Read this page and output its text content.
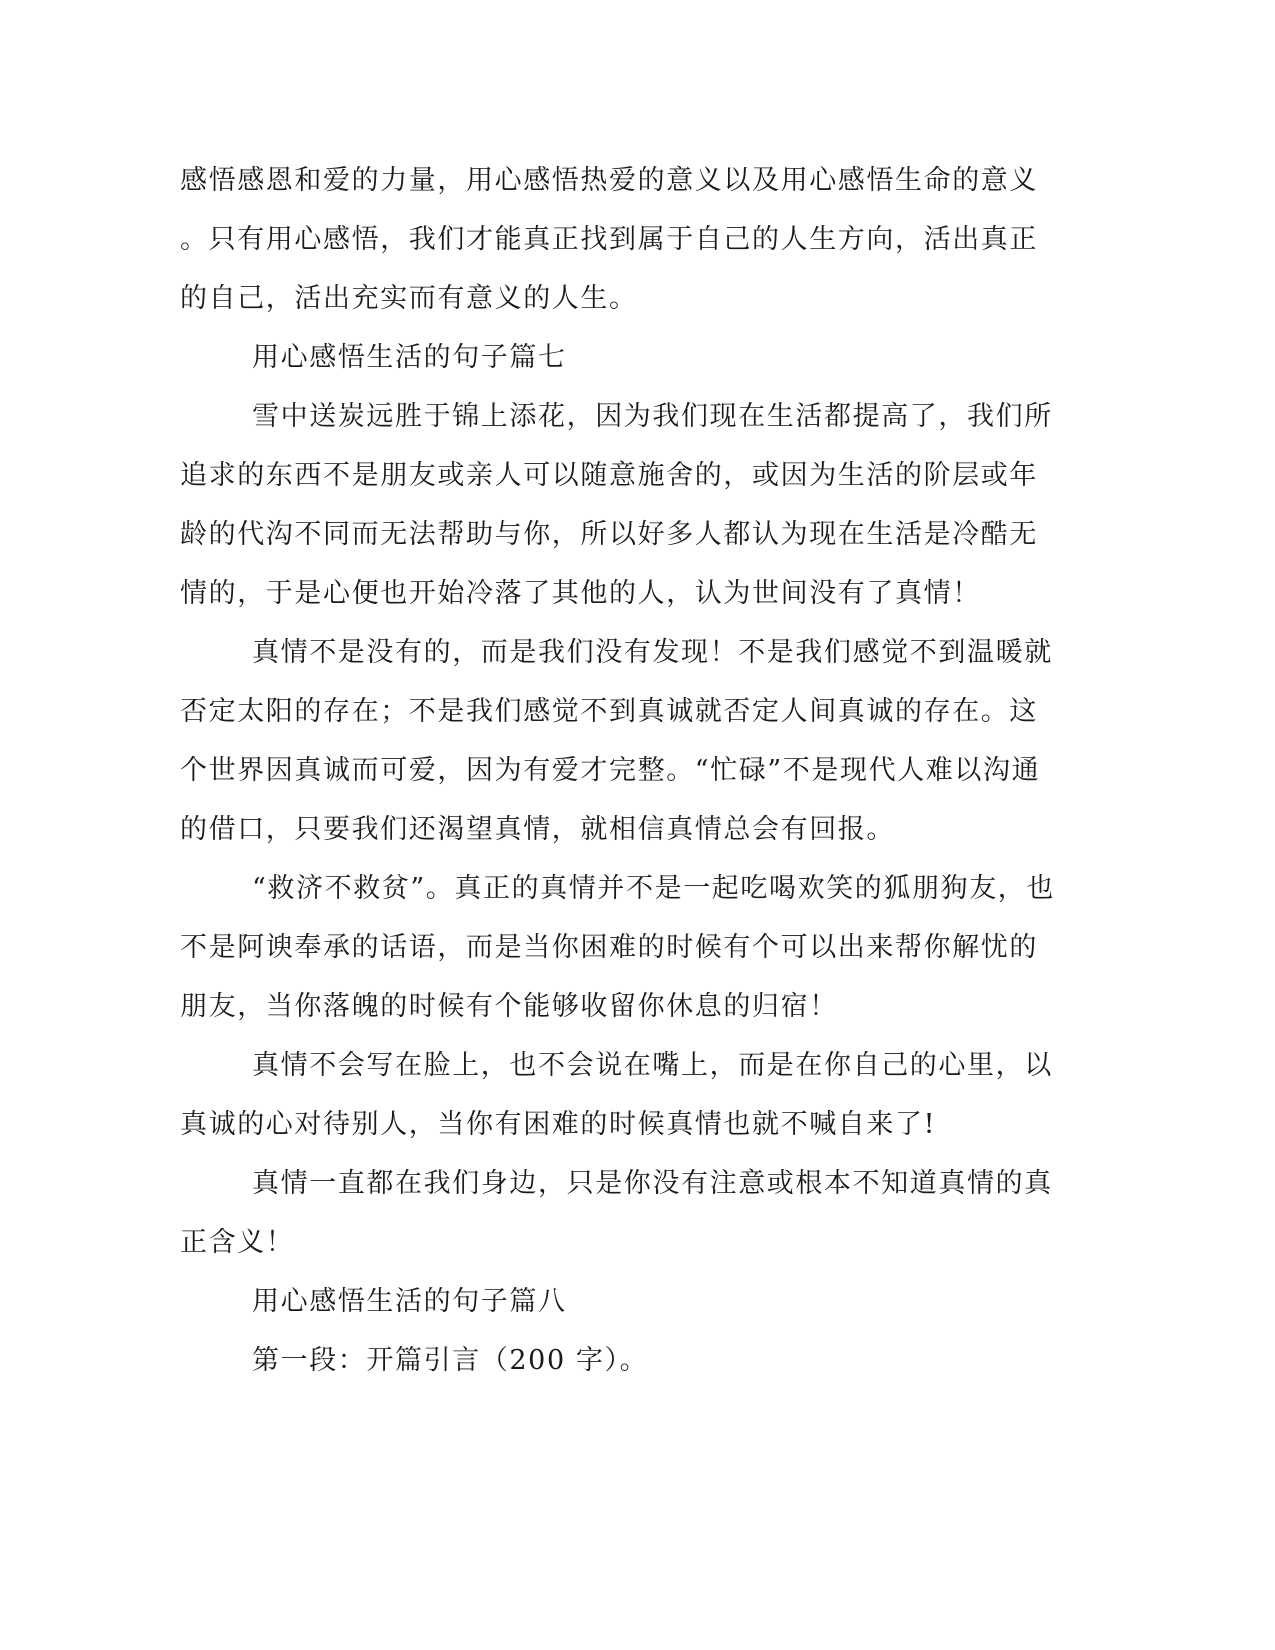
感悟感恩和爱的力量，用心感悟热爱的意义以及用心感悟生命的意义
。只有用心感悟，我们才能真正找到属于自己的人生方向，活出真正
的自己，活出充实而有意义的人生。
用心感悟生活的句子篇七
雪中送炭远胜于锦上添花，因为我们现在生活都提高了，我们所
追求的东西不是朋友或亲人可以随意施舍的，或因为生活的阶层或年
龄的代沟不同而无法帮助与你，所以好多人都认为现在生活是冷酷无
情的，于是心便也开始冷落了其他的人，认为世间没有了真情！
真情不是没有的，而是我们没有发现！不是我们感觉不到温暖就
否定太阳的存在；不是我们感觉不到真诚就否定人间真诚的存在。这
个世界因真诚而可爱，因为有爱才完整。“忙碌”不是现代人难以沟通
的借口，只要我们还渴望真情，就相信真情总会有回报。
“救济不救贫”。真正的真情并不是一起吃喝欢笑的狐朋狗友，也
不是阿谀奉承的话语，而是当你困难的时候有个可以出来帮你解忧的
朋友，当你落魄的时候有个能够收留你休息的归宿！
真情不会写在脸上，也不会说在嘴上，而是在你自己的心里，以
真诚的心对待别人，当你有困难的时候真情也就不喊自来了!
真情一直都在我们身边，只是你没有注意或根本不知道真情的真
正含义！
用心感悟生活的句子篇八
第一段：开篇引言（200 字）。
